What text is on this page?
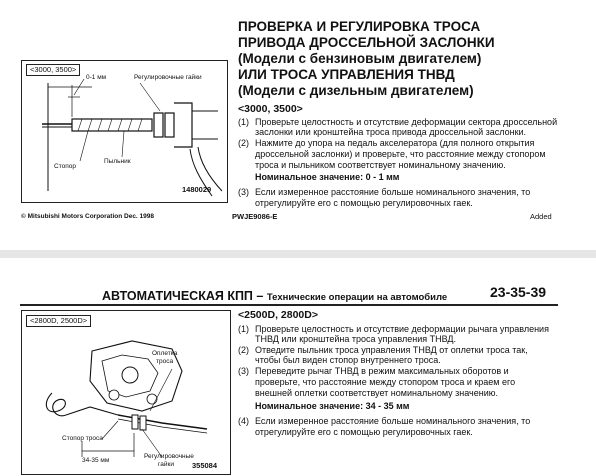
<3000, 3500>
0-1 мм	Регулировочные гайки
Стопор
Пыльник
1480029
ПРОВЕРКА И РЕГУЛИРОВКА ТРОСА
ПРИВОДА ДРОССЕЛЬНОЙ ЗАСЛОНКИ
(Модели с бензиновым двигателем)
ИЛИ ТРОСА УПРАВЛЕНИЯ ТНВД
(Модели с дизельным двигателем)
<3000, 3500>
(1) Проверьте целостность и отсутствие деформации сектора дроссельной
заслонки или кронштейна троса привода дроссельной заслонки.
(2) Нажмите до упора на педаль акселератора (для полного открытия
дроссельной заслонки) и проверьте, что расстояние между стопором
троса и пыльником соответствует номинальному значению.
Номинальное значение: 0 - 1 мм
(3) Если измеренное расстояние больше номинального значения, то
отрегулируйте его с помощью регулировочных гаек.
© Mitsubishi Motors Corporation Dec. 1998	PWJE9086-E	Added
АВТОМАТИЧЕСКАЯ КПП – Технические операции на автомобиле	23-35-39
<2800D, 2500D>
Оплетка
троса
Стопор троса
34-35 мм
Регулировочные
гайки 355084
<2500D, 2800D>
(1) Проверьте целостность и отсутствие деформации рычага управления
ТНВД или кронштейна троса управления ТНВД.
(2) Отведите пыльник троса управления ТНВД от оплетки троса так,
чтобы был виден стопор внутреннего троса.
(3) Переведите рычаг ТНВД в режим максимальных оборотов и
проверьте, что расстояние между стопором троса и краем его
внешней оплетки соответствует номинальному значению.
Номинальное значение: 34 - 35 мм
(4) Если измеренное расстояние больше номинального значения, то
отрегулируйте его с помощью регулировочных гаек.
